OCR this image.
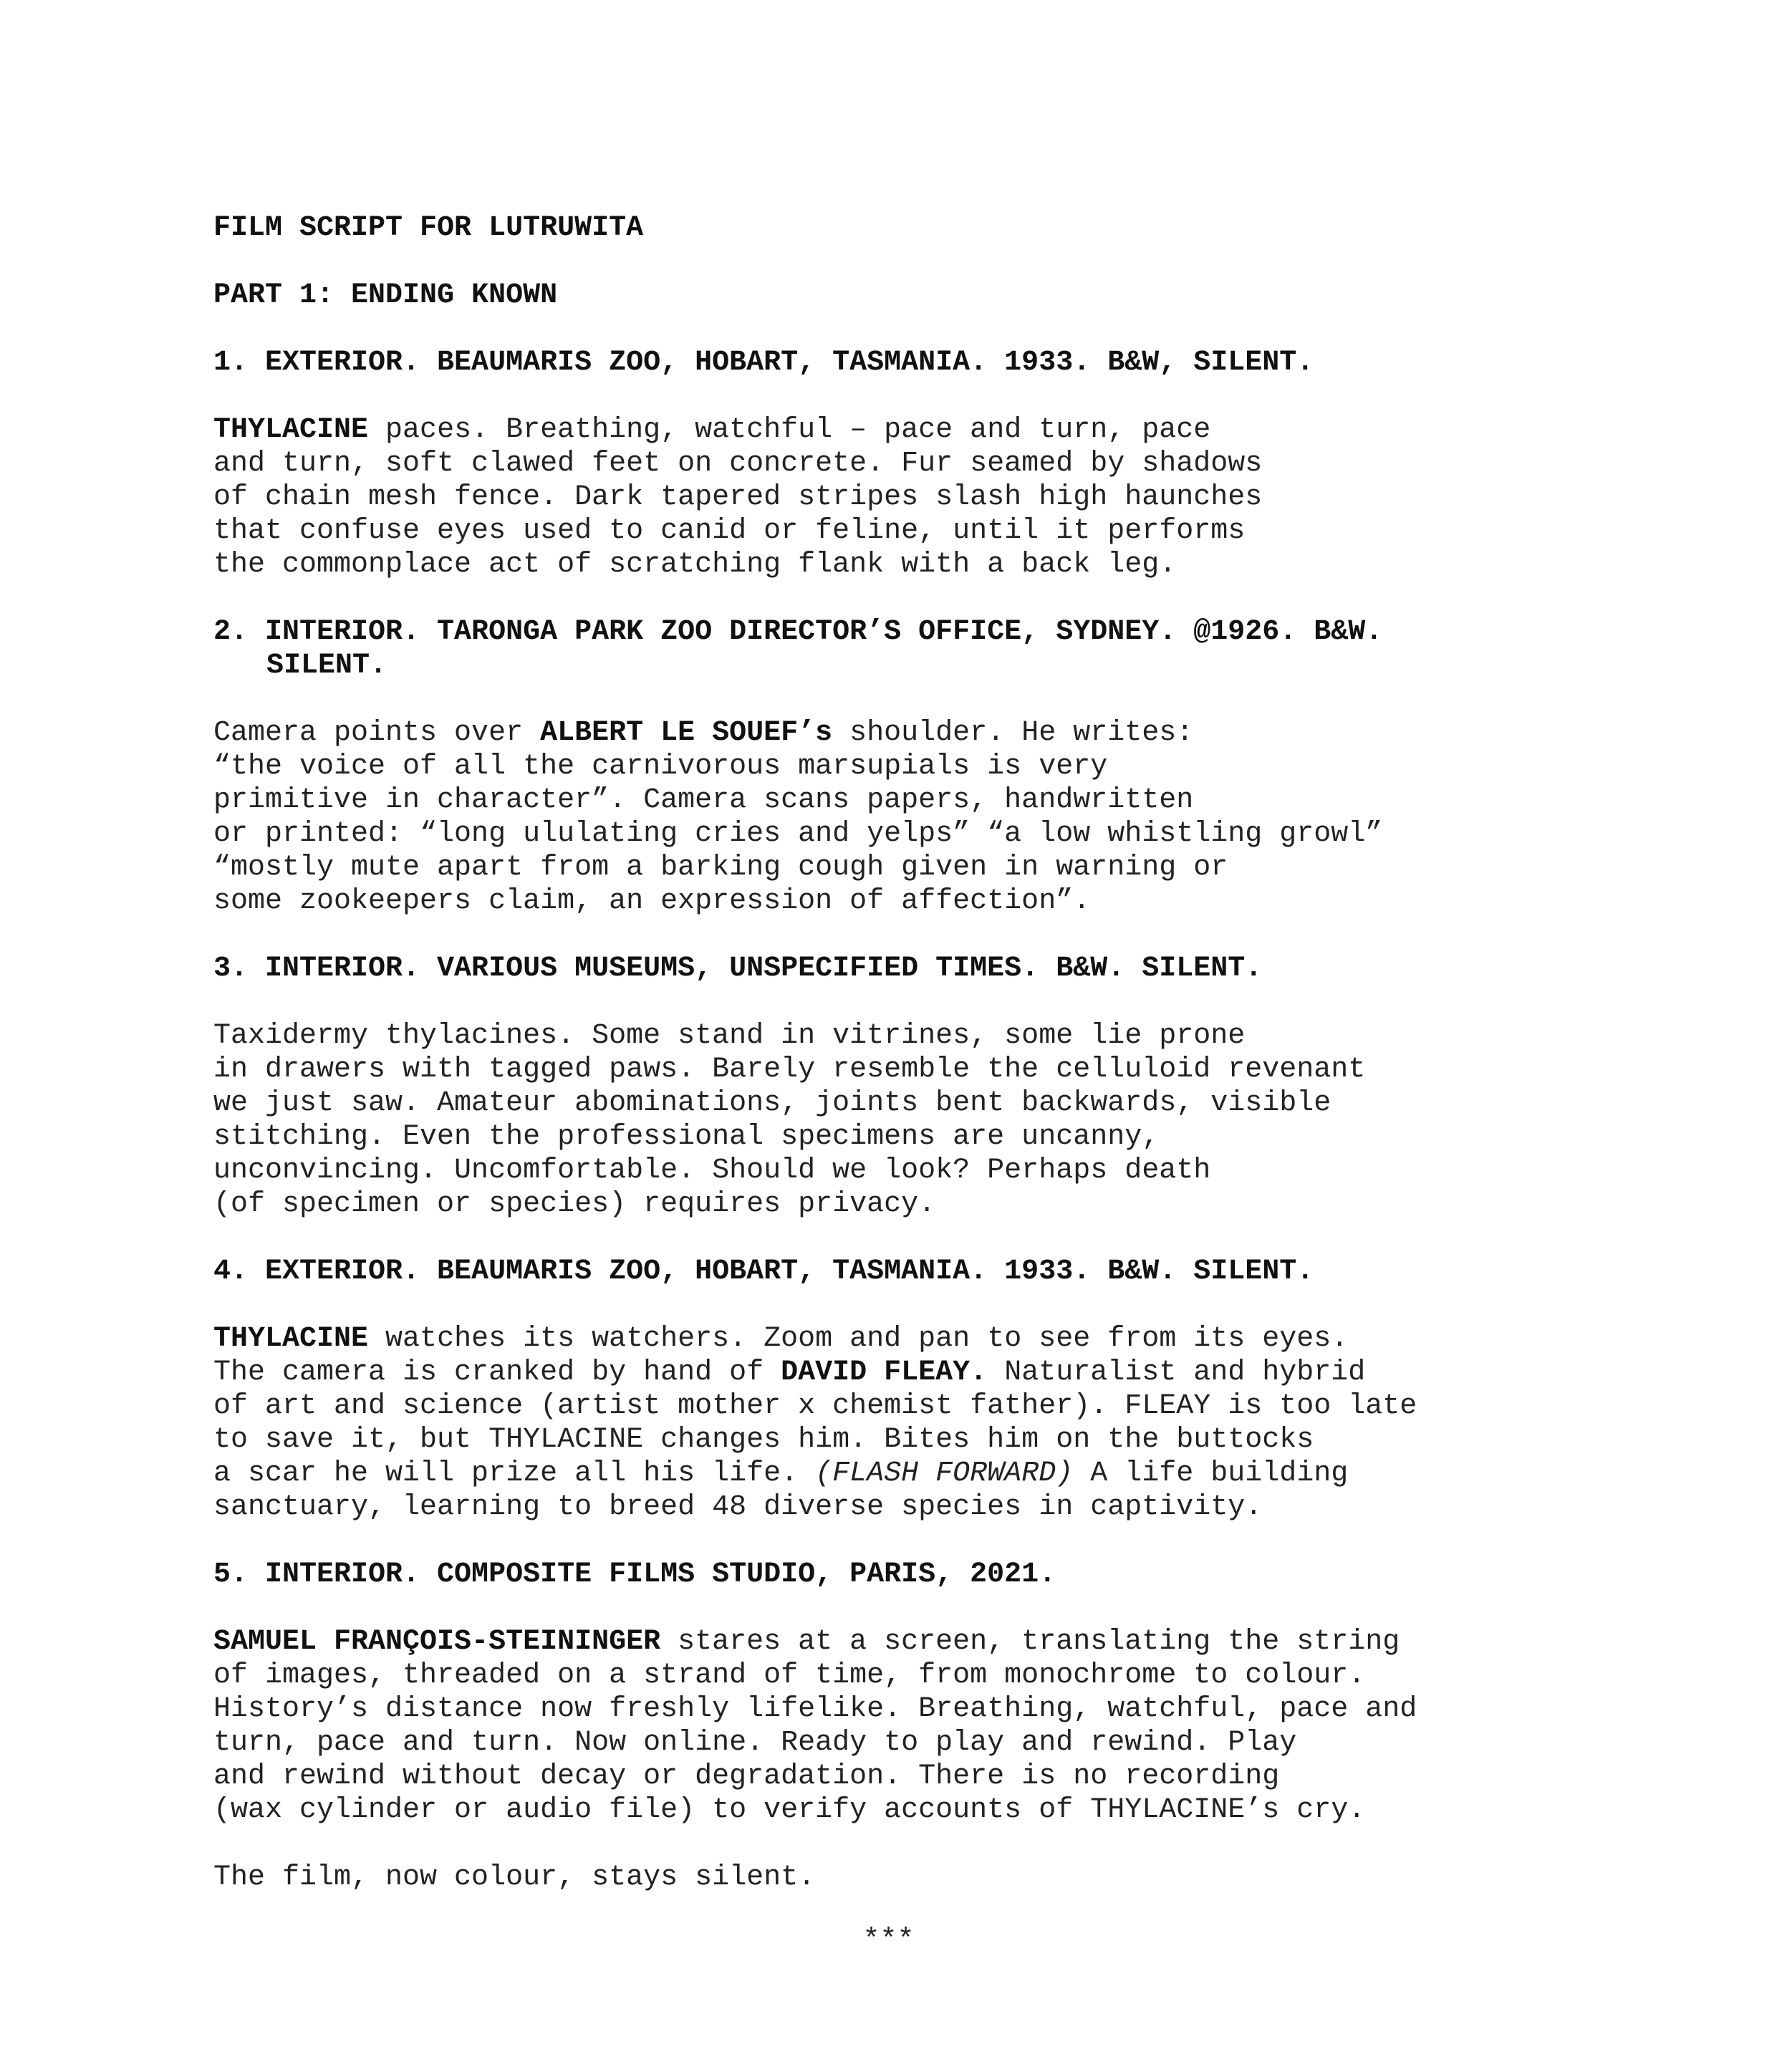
FILM SCRIPT FOR LUTRUWITA
PART 1: ENDING KNOWN
1. EXTERIOR. BEAUMARIS ZOO, HOBART, TASMANIA. 1933. B&W, SILENT.
THYLACINE paces. Breathing, watchful – pace and turn, pace
and turn, soft clawed feet on concrete. Fur seamed by shadows
of chain mesh fence. Dark tapered stripes slash high haunches
that confuse eyes used to canid or feline, until it performs
the commonplace act of scratching flank with a back leg.
2. INTERIOR. TARONGA PARK ZOO DIRECTOR’S OFFICE, SYDNEY. @1926. B&W.
SILENT.
Camera points over ALBERT LE SOUEF’s shoulder. He writes:
“the voice of all the carnivorous marsupials is very
primitive in character”. Camera scans papers, handwritten
or printed: “long ululating cries and yelps” “a low whistling growl”
“mostly mute apart from a barking cough given in warning or
some zookeepers claim, an expression of affection”.
3. INTERIOR. VARIOUS MUSEUMS, UNSPECIFIED TIMES. B&W. SILENT.
Taxidermy thylacines. Some stand in vitrines, some lie prone
in drawers with tagged paws. Barely resemble the celluloid revenant
we just saw. Amateur abominations, joints bent backwards, visible
stitching. Even the professional specimens are uncanny,
unconvincing. Uncomfortable. Should we look? Perhaps death
(of specimen or species) requires privacy.
4. EXTERIOR. BEAUMARIS ZOO, HOBART, TASMANIA. 1933. B&W. SILENT.
THYLACINE watches its watchers. Zoom and pan to see from its eyes.
The camera is cranked by hand of DAVID FLEAY. Naturalist and hybrid
of art and science (artist mother x chemist father). FLEAY is too late
to save it, but THYLACINE changes him. Bites him on the buttocks
a scar he will prize all his life. (FLASH FORWARD) A life building
sanctuary, learning to breed 48 diverse species in captivity.
5. INTERIOR. COMPOSITE FILMS STUDIO, PARIS, 2021.
SAMUEL FRANÇOIS-STEININGER stares at a screen, translating the string
of images, threaded on a strand of time, from monochrome to colour.
History’s distance now freshly lifelike. Breathing, watchful, pace and
turn, pace and turn. Now online. Ready to play and rewind. Play
and rewind without decay or degradation. There is no recording
(wax cylinder or audio file) to verify accounts of THYLACINE’s cry.
The film, now colour, stays silent.
***
